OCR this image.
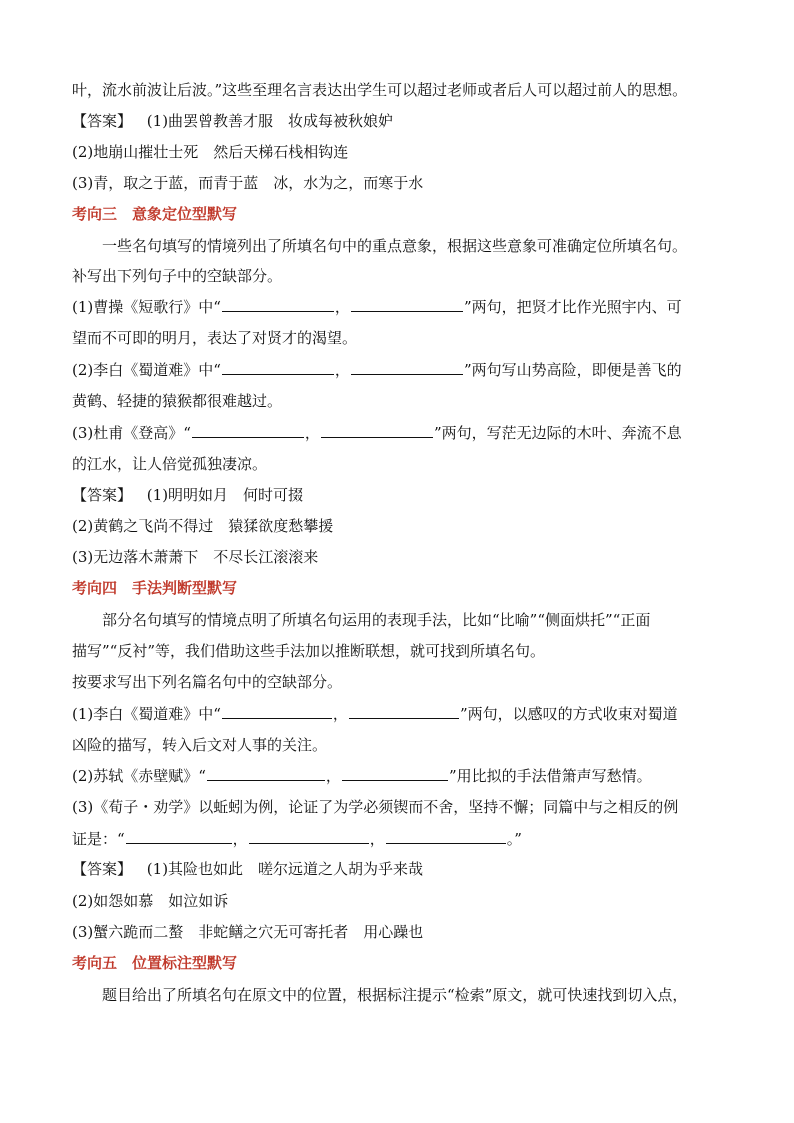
叶，流水前波让后波。”这些至理名言表达出学生可以超过老师或者后人可以超过前人的思想。
【答案】 (1)曲罢曾教善才服　妆成每被秋娘妒
(2)地崩山摧壮士死　然后天梯石栈相钩连
(3)青，取之于蓝，而青于蓝　冰，水为之，而寒于水
考向三　意象定位型默写
一些名句填写的情境列出了所填名句中的重点意象，根据这些意象可准确定位所填名句。
补写出下列句子中的空缺部分。
(1)曹操《短歌行》中“	，	”两句，把贤才比作光照宇内、可
望而不可即的明月，表达了对贤才的渴望。
(2)李白《蜀道难》中“	，	”两句写山势高险，即便是善飞的
黄鹤、轻捷的猿猴都很难越过。
(3)杜甫《登高》“	，	”两句，写茫无边际的木叶、奔流不息
的江水，让人倍觉孤独凄凉。
【答案】 (1)明明如月　何时可掇
(2)黄鹤之飞尚不得过　猿猱欲度愁攀援
(3)无边落木萧萧下　不尽长江滚滚来
考向四　手法判断型默写
部分名句填写的情境点明了所填名句运用的表现手法，比如“比喻”“侧面烘托”“正面
描写”“反衬”等，我们借助这些手法加以推断联想，就可找到所填名句。
按要求写出下列名篇名句中的空缺部分。
(1)李白《蜀道难》中“	，	”两句，以感叹的方式收束对蜀道
凶险的描写，转入后文对人事的关注。
(2)苏轼《赤壁赋》“	，	”用比拟的手法借箫声写愁情。
(3)《荀子・劝学》以蚯蚓为例，论证了为学必须锲而不舍，坚持不懈；同篇中与之相反的例
证是：“	，	，	。”
【答案】 (1)其险也如此　嗟尔远道之人胡为乎来哉
(2)如怨如慕　如泣如诉
(3)蟹六跪而二螯　非蛇鳝之穴无可寄托者　用心躁也
考向五　位置标注型默写
题目给出了所填名句在原文中的位置，根据标注提示“检索”原文，就可快速找到切入点，
